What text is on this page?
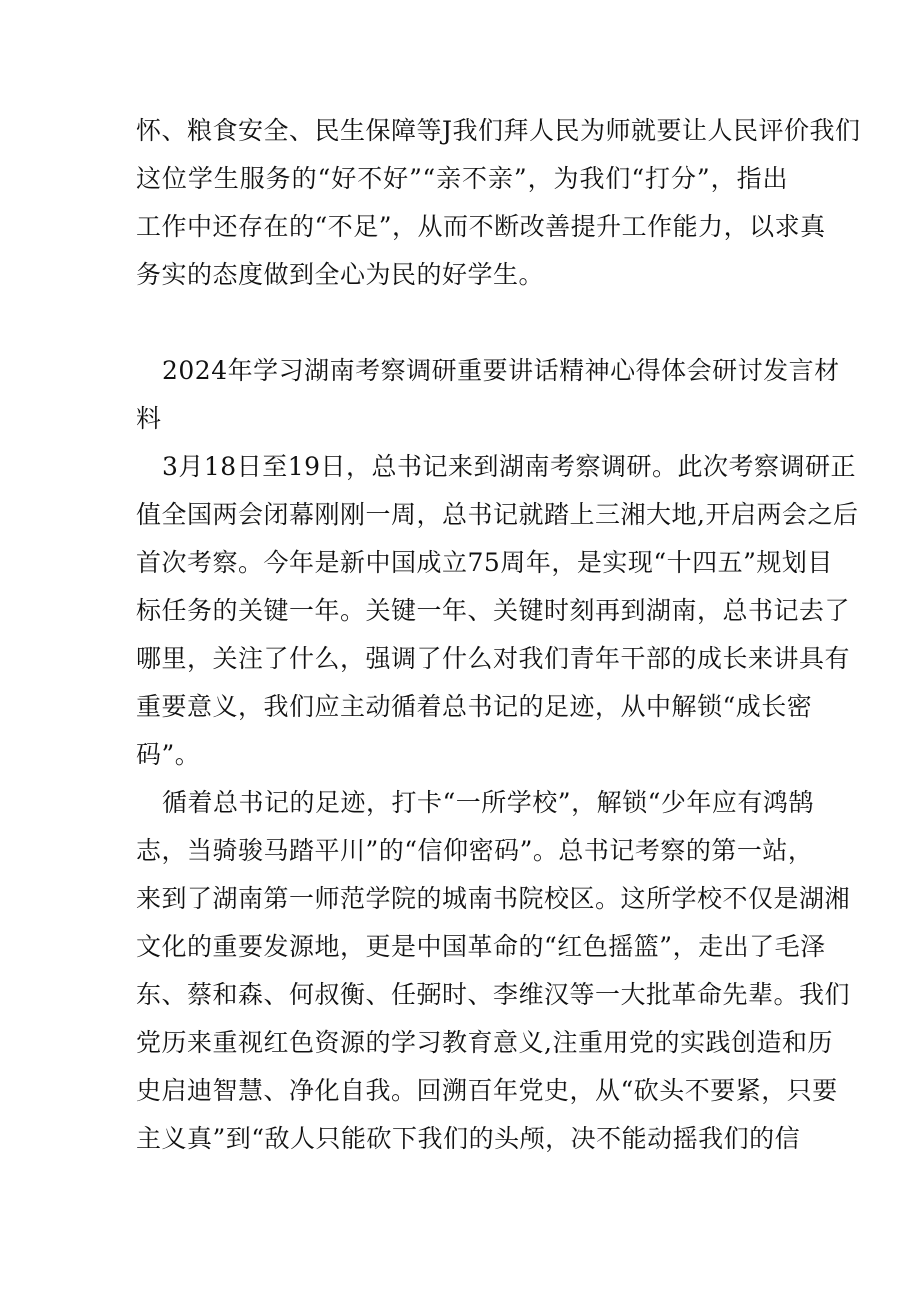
怀、粮食安全、民生保障等J我们拜人民为师就要让人民评价我们
这位学生服务的“好不好”“亲不亲”，为我们“打分”，指出
工作中还存在的“不足”，从而不断改善提升工作能力，以求真
务实的态度做到全心为民的好学生。
2024年学习湖南考察调研重要讲话精神心得体会研讨发言材
料
3月18日至19日，总书记来到湖南考察调研。此次考察调研正
值全国两会闭幕刚刚一周，总书记就踏上三湘大地,开启两会之后
首次考察。今年是新中国成立75周年，是实现“十四五”规划目
标任务的关键一年。关键一年、关键时刻再到湖南，总书记去了
哪里，关注了什么，强调了什么对我们青年干部的成长来讲具有
重要意义，我们应主动循着总书记的足迹，从中解锁“成长密
码”。
循着总书记的足迹，打卡“一所学校”，解锁“少年应有鸿鹄
志，当骑骏马踏平川”的“信仰密码”。总书记考察的第一站，
来到了湖南第一师范学院的城南书院校区。这所学校不仅是湖湘
文化的重要发源地，更是中国革命的“红色摇篮”，走出了毛泽
东、蔡和森、何叔衡、任弼时、李维汉等一大批革命先辈。我们
党历来重视红色资源的学习教育意义,注重用党的实践创造和历
史启迪智慧、净化自我。回溯百年党史，从“砍头不要紧，只要
主义真”到“敌人只能砍下我们的头颅，决不能动摇我们的信
